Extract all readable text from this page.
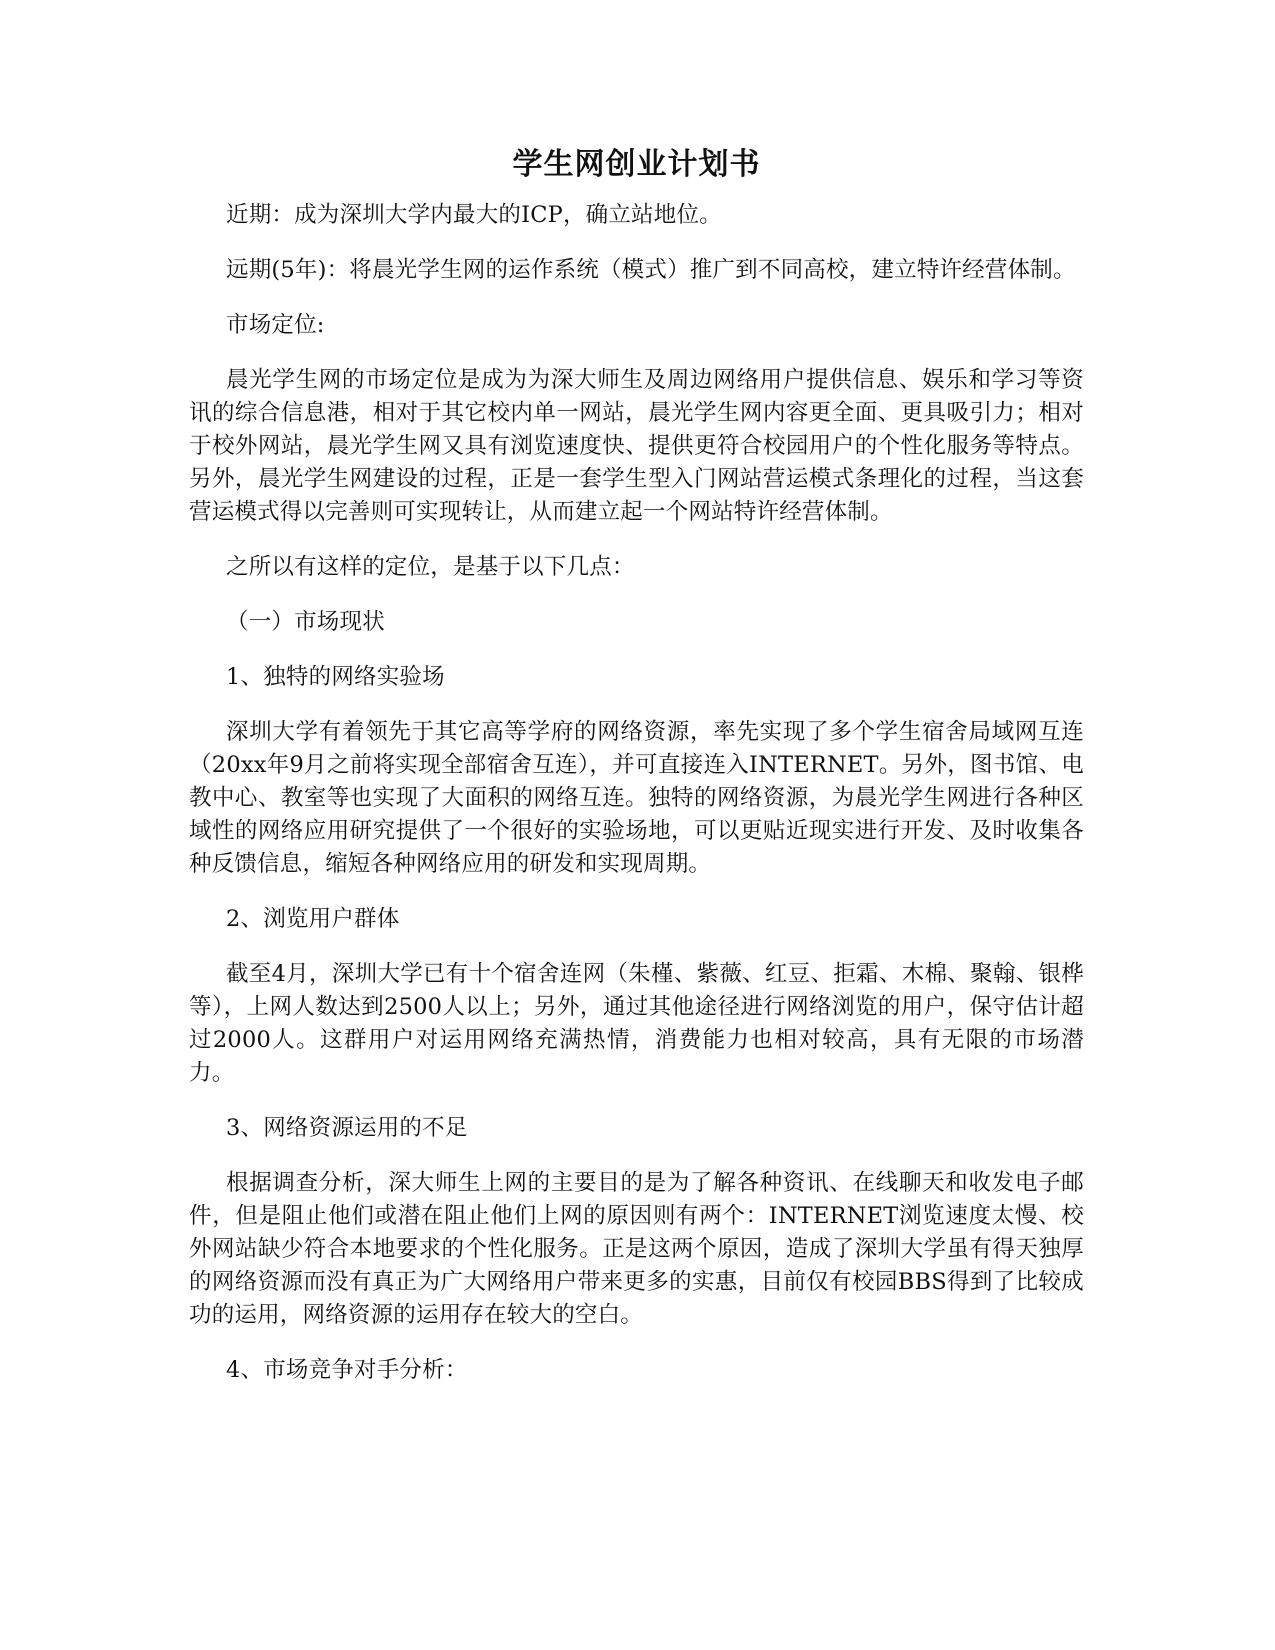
学生网创业计划书

近期：成为深圳大学内最大的ICP，确立站地位。

远期(5年)：将晨光学生网的运作系统（模式）推广到不同高校，建立特许经营体制。

市场定位:

晨光学生网的市场定位是成为为深大师生及周边网络用户提供信息、娱乐和学习等资讯的综合信息港，相对于其它校内单一网站，晨光学生网内容更全面、更具吸引力；相对于校外网站，晨光学生网又具有浏览速度快、提供更符合校园用户的个性化服务等特点。另外，晨光学生网建设的过程，正是一套学生型入门网站营运模式条理化的过程，当这套营运模式得以完善则可实现转让，从而建立起一个网站特许经营体制。

之所以有这样的定位，是基于以下几点：

（一）市场现状

1、独特的网络实验场

深圳大学有着领先于其它高等学府的网络资源，率先实现了多个学生宿舍局域网互连（20xx年9月之前将实现全部宿舍互连），并可直接连入INTERNET。另外，图书馆、电教中心、教室等也实现了大面积的网络互连。独特的网络资源，为晨光学生网进行各种区域性的网络应用研究提供了一个很好的实验场地，可以更贴近现实进行开发、及时收集各种反馈信息，缩短各种网络应用的研发和实现周期。

2、浏览用户群体

截至4月，深圳大学已有十个宿舍连网（朱槿、紫薇、红豆、拒霜、木棉、聚翰、银桦等），上网人数达到2500人以上；另外，通过其他途径进行网络浏览的用户，保守估计超过2000人。这群用户对运用网络充满热情，消费能力也相对较高，具有无限的市场潜力。

3、网络资源运用的不足

根据调查分析，深大师生上网的主要目的是为了解各种资讯、在线聊天和收发电子邮件，但是阻止他们或潜在阻止他们上网的原因则有两个：INTERNET浏览速度太慢、校外网站缺少符合本地要求的个性化服务。正是这两个原因，造成了深圳大学虽有得天独厚的网络资源而没有真正为广大网络用户带来更多的实惠，目前仅有校园BBS得到了比较成功的运用，网络资源的运用存在较大的空白。

4、市场竞争对手分析：
